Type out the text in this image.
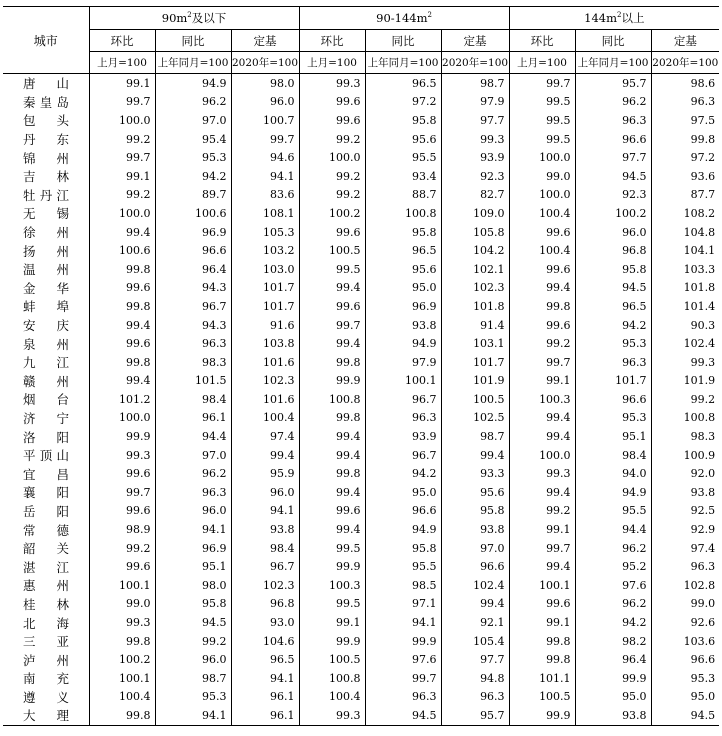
城市	$90m^2$及以下			$90-144m^2$			$144m^2$以上		
	环比	同比	定基	环比	同比	定基	环比	同比	定基
	上月=100	上年同月=100	2020年=100	上月=100	上年同月=100	2020年=100	上月=100	上年同月=100	2020年=100
唐山	99.1	94.9	98.0	99.3	96.5	98.7	99.7	95.7	98.6
秦皇岛	99.7	96.2	96.0	99.6	97.2	97.9	99.5	96.2	96.3
包头	100.0	97.0	100.7	99.6	95.8	97.7	99.5	96.3	97.5
丹东	99.2	95.4	99.7	99.2	95.6	99.3	99.5	96.6	99.8
锦州	99.7	95.3	94.6	100.0	95.5	93.9	100.0	97.7	97.2
吉林	99.1	94.2	94.1	99.2	93.4	92.3	99.0	94.5	93.6
牡丹江	99.2	89.7	83.6	99.2	88.7	82.7	100.0	92.3	87.7
无锡	100.0	100.6	108.1	100.2	100.8	109.0	100.4	100.2	108.2
徐州	99.4	96.9	105.3	99.6	95.8	105.8	99.6	96.0	104.8
扬州	100.6	96.6	103.2	100.5	96.5	104.2	100.4	96.8	104.1
温州	99.8	96.4	103.0	99.5	95.6	102.1	99.6	95.8	103.3
金华	99.6	94.3	101.7	99.4	95.0	102.3	99.4	94.5	101.8
蚌埠	99.8	96.7	101.7	99.6	96.9	101.8	99.8	96.5	101.4
安庆	99.4	94.3	91.6	99.7	93.8	91.4	99.6	94.2	90.3
泉州	99.6	96.3	103.8	99.4	94.9	103.1	99.2	95.3	102.4
九江	99.8	98.3	101.6	99.8	97.9	101.7	99.7	96.3	99.3
赣州	99.4	101.5	102.3	99.9	100.1	101.9	99.1	101.7	101.9
烟台	101.2	98.4	101.6	100.8	96.7	100.5	100.3	96.6	99.2
济宁	100.0	96.1	100.4	99.8	96.3	102.5	99.4	95.3	100.8
洛阳	99.9	94.4	97.4	99.4	93.9	98.7	99.4	95.1	98.3
平顶山	99.3	97.0	99.4	99.4	96.7	99.4	100.0	98.4	100.9
宜昌	99.6	96.2	95.9	99.8	94.2	93.3	99.3	94.0	92.0
襄阳	99.7	96.3	96.0	99.4	95.0	95.6	99.4	94.9	93.8
岳阳	99.6	96.0	94.1	99.6	96.6	95.8	99.2	95.5	92.5
常德	98.9	94.1	93.8	99.4	94.9	93.8	99.1	94.4	92.9
韶关	99.2	96.9	98.4	99.5	95.8	97.0	99.7	96.2	97.4
湛江	99.6	95.1	96.7	99.9	95.5	96.6	99.4	95.2	96.3
惠州	100.1	98.0	102.3	100.3	98.5	102.4	100.1	97.6	102.8
桂林	99.0	95.8	96.8	99.5	97.1	99.4	99.6	96.2	99.0
北海	99.3	94.5	93.0	99.1	94.1	92.1	99.1	94.2	92.6
三亚	99.8	99.2	104.6	99.9	99.9	105.4	99.8	98.2	103.6
泸州	100.2	96.0	96.5	100.5	97.6	97.7	99.8	96.4	96.6
南充	100.1	98.7	94.1	100.8	99.7	94.8	101.1	99.9	95.3
遵义	100.4	95.3	96.1	100.4	96.3	96.3	100.5	95.0	95.0
大理	99.8	94.1	96.1	99.3	94.5	95.7	99.9	93.8	94.5
